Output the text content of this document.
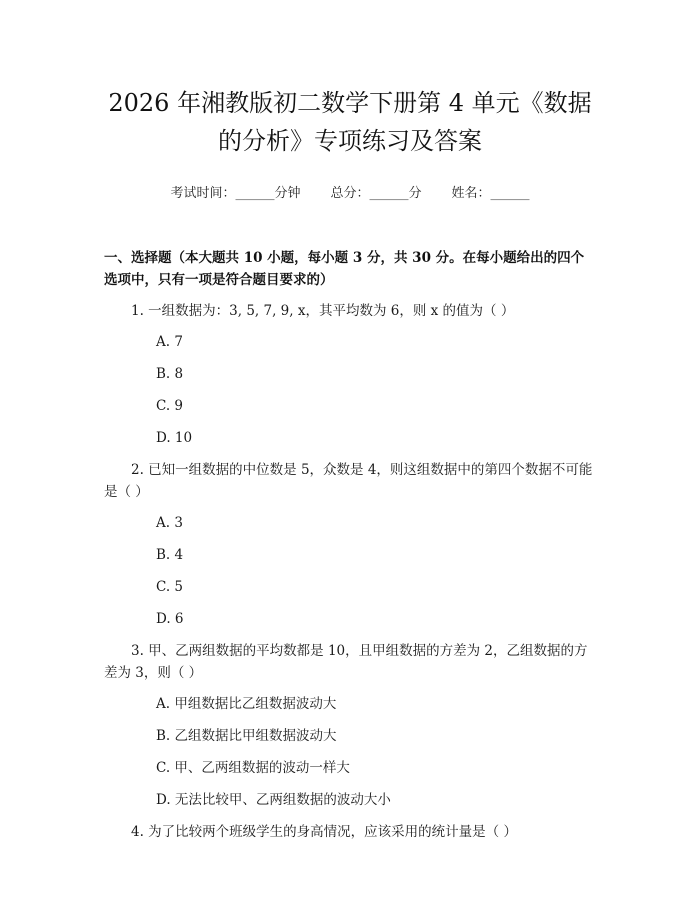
2026 年湘教版初二数学下册第 4 单元《数据的分析》专项练习及答案
考试时间：______分钟 总分：______分 姓名：______
一、选择题（本大题共 10 小题，每小题 3 分，共 30 分。在每小题给出的四个选项中，只有一项是符合题目要求的）
1. 一组数据为：3, 5, 7, 9, x，其平均数为 6，则 x 的值为（ ）
A. 7
B. 8
C. 9
D. 10
2. 已知一组数据的中位数是 5，众数是 4，则这组数据中的第四个数据不可能是（ ）
A. 3
B. 4
C. 5
D. 6
3. 甲、乙两组数据的平均数都是 10，且甲组数据的方差为 2，乙组数据的方差为 3，则（ ）
A. 甲组数据比乙组数据波动大
B. 乙组数据比甲组数据波动大
C. 甲、乙两组数据的波动一样大
D. 无法比较甲、乙两组数据的波动大小
4. 为了比较两个班级学生的身高情况，应该采用的统计量是（ ）
